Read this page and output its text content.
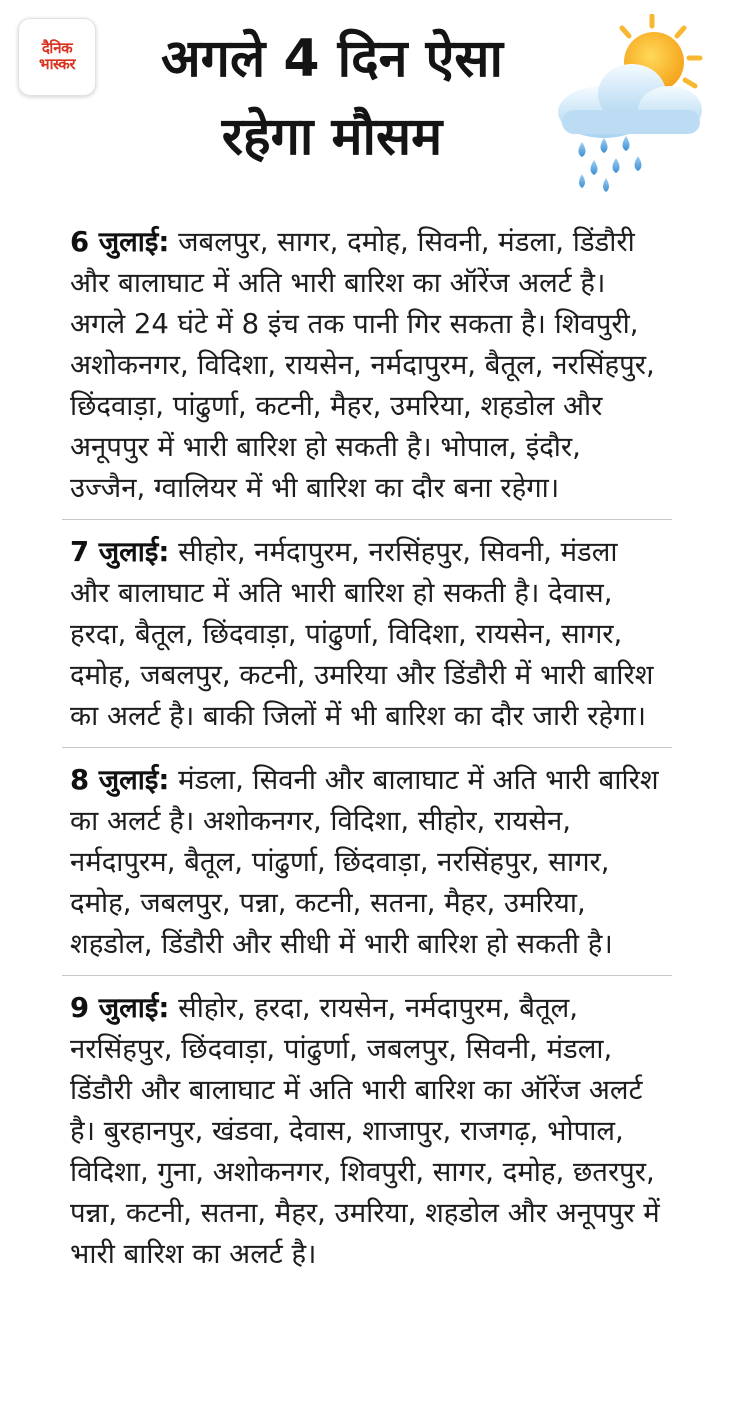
दैनिक
भास्कर	अगले 4 दिन ऐसा
रहेगा मौसम
6 जुलाई: जबलपुर, सागर, दमोह, सिवनी, मंडला, डिंडौरी और बालाघाट में अति भारी बारिश का ऑरेंज अलर्ट है। अगले 24 घंटे में 8 इंच तक पानी गिर सकता है। शिवपुरी, अशोकनगर, विदिशा, रायसेन, नर्मदापुरम, बैतूल, नरसिंहपुर, छिंदवाड़ा, पांढुर्णा, कटनी, मैहर, उमरिया, शहडोल और अनूपपुर में भारी बारिश हो सकती है। भोपाल, इंदौर, उज्जैन, ग्वालियर में भी बारिश का दौर बना रहेगा।
7 जुलाई: सीहोर, नर्मदापुरम, नरसिंहपुर, सिवनी, मंडला और बालाघाट में अति भारी बारिश हो सकती है। देवास, हरदा, बैतूल, छिंदवाड़ा, पांढुर्णा, विदिशा, रायसेन, सागर, दमोह, जबलपुर, कटनी, उमरिया और डिंडौरी में भारी बारिश का अलर्ट है। बाकी जिलों में भी बारिश का दौर जारी रहेगा।
8 जुलाई: मंडला, सिवनी और बालाघाट में अति भारी बारिश का अलर्ट है। अशोकनगर, विदिशा, सीहोर, रायसेन, नर्मदापुरम, बैतूल, पांढुर्णा, छिंदवाड़ा, नरसिंहपुर, सागर, दमोह, जबलपुर, पन्ना, कटनी, सतना, मैहर, उमरिया, शहडोल, डिंडौरी और सीधी में भारी बारिश हो सकती है।
9 जुलाई: सीहोर, हरदा, रायसेन, नर्मदापुरम, बैतूल, नरसिंहपुर, छिंदवाड़ा, पांढुर्णा, जबलपुर, सिवनी, मंडला, डिंडौरी और बालाघाट में अति भारी बारिश का ऑरेंज अलर्ट है। बुरहानपुर, खंडवा, देवास, शाजापुर, राजगढ़, भोपाल, विदिशा, गुना, अशोकनगर, शिवपुरी, सागर, दमोह, छतरपुर, पन्ना, कटनी, सतना, मैहर, उमरिया, शहडोल और अनूपपुर में भारी बारिश का अलर्ट है।
